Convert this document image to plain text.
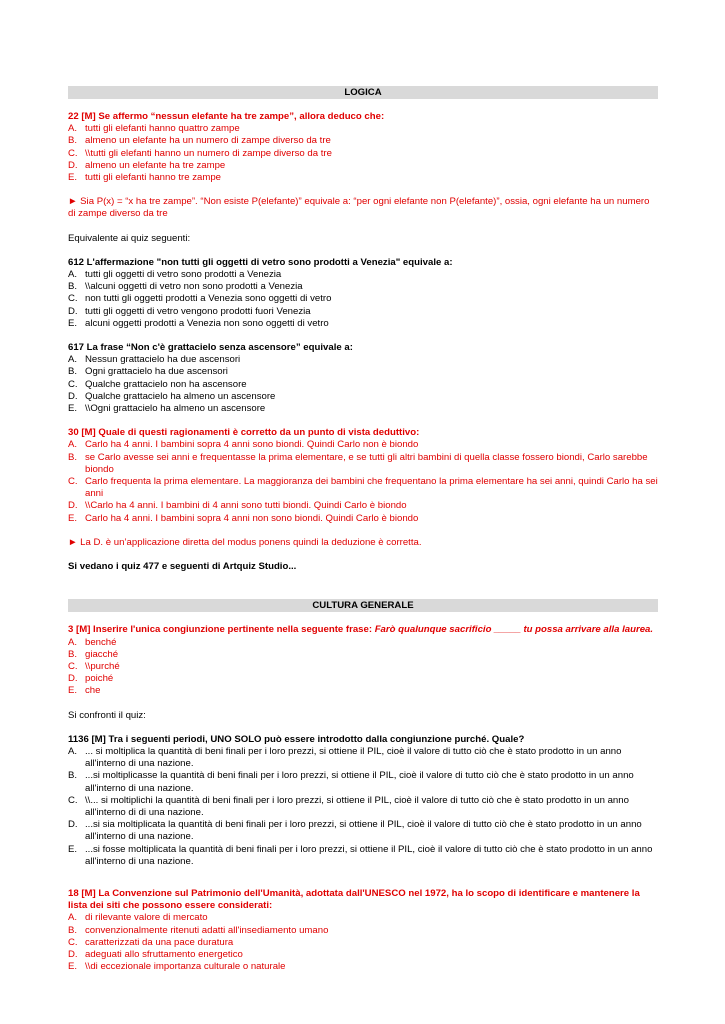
LOGICA
22 [M] Se affermo “nessun elefante ha tre zampe”, allora deduco che:
A. tutti gli elefanti hanno quattro zampe
B. almeno un elefante ha un numero di zampe diverso da tre
C. \\tutti gli elefanti hanno un numero di zampe diverso da tre
D. almeno un elefante ha tre zampe
E. tutti gli elefanti hanno tre zampe
► Sia P(x) = “x ha tre zampe”. “Non esiste P(elefante)” equivale a: “per ogni elefante non P(elefante)”, ossia, ogni elefante ha un numero di zampe diverso da tre
Equivalente ai quiz seguenti:
612 L'affermazione "non tutti gli oggetti di vetro sono prodotti a Venezia" equivale a:
A. tutti gli oggetti di vetro sono prodotti a Venezia
B. \\alcuni oggetti di vetro non sono prodotti a Venezia
C. non tutti gli oggetti prodotti a Venezia sono oggetti di vetro
D. tutti gli oggetti di vetro vengono prodotti fuori Venezia
E. alcuni oggetti prodotti a Venezia non sono oggetti di vetro
617 La frase “Non c'è grattacielo senza ascensore” equivale a:
A. Nessun grattacielo ha due ascensori
B. Ogni grattacielo ha due ascensori
C. Qualche grattacielo non ha ascensore
D. Qualche grattacielo ha almeno un ascensore
E. \\Ogni grattacielo ha almeno un ascensore
30 [M] Quale di questi ragionamenti è corretto da un punto di vista deduttivo:
A. Carlo ha 4 anni. I bambini sopra 4 anni sono biondi. Quindi Carlo non è biondo
B. se Carlo avesse sei anni e frequentasse la prima elementare, e se tutti gli altri bambini di quella classe fossero biondi, Carlo sarebbe biondo
C. Carlo frequenta la prima elementare. La maggioranza dei bambini che frequentano la prima elementare ha sei anni, quindi Carlo ha sei anni
D. \\Carlo ha 4 anni. I bambini di 4 anni sono tutti biondi. Quindi Carlo è biondo
E. Carlo ha 4 anni. I bambini sopra 4 anni non sono biondi. Quindi Carlo è biondo
► La D. è un’applicazione diretta del modus ponens quindi la deduzione è corretta.
Si vedano i quiz 477 e seguenti di Artquiz Studio...
CULTURA GENERALE
3 [M] Inserire l'unica congiunzione pertinente nella seguente frase: Farò qualunque sacrificio _____ tu possa arrivare alla laurea.
A. benché
B. giacché
C. \\purché
D. poiché
E. che
Si confronti il quiz:
1136 [M] Tra i seguenti periodi, UNO SOLO può essere introdotto dalla congiunzione purché. Quale?
A. ... si moltiplica la quantità di beni finali per i loro prezzi, si ottiene il PIL, cioè il valore di tutto ciò che è stato prodotto in un anno all'interno di una nazione.
B. ...si moltiplicasse la quantità di beni finali per i loro prezzi, si ottiene il PIL, cioè il valore di tutto ciò che è stato prodotto in un anno all'interno di una nazione.
C. \\... si moltiplichi la quantità di beni finali per i loro prezzi, si ottiene il PIL, cioè il valore di tutto ciò che è stato prodotto in un anno all'interno di di una nazione.
D. ...si sia moltiplicata la quantità di beni finali per i loro prezzi, si ottiene il PIL, cioè il valore di tutto ciò che è stato prodotto in un anno all'interno di una nazione.
E. ...si fosse moltiplicata la quantità di beni finali per i loro prezzi, si ottiene il PIL, cioè il valore di tutto ciò che è stato prodotto in un anno all'interno di una nazione.
18 [M] La Convenzione sul Patrimonio dell'Umanità, adottata dall'UNESCO nel 1972, ha lo scopo di identificare e mantenere la lista dei siti che possono essere considerati:
A. di rilevante valore di mercato
B. convenzionalmente ritenuti adatti all'insediamento umano
C. caratterizzati da una pace duratura
D. adeguati allo sfruttamento energetico
E. \\di eccezionale importanza culturale o naturale
